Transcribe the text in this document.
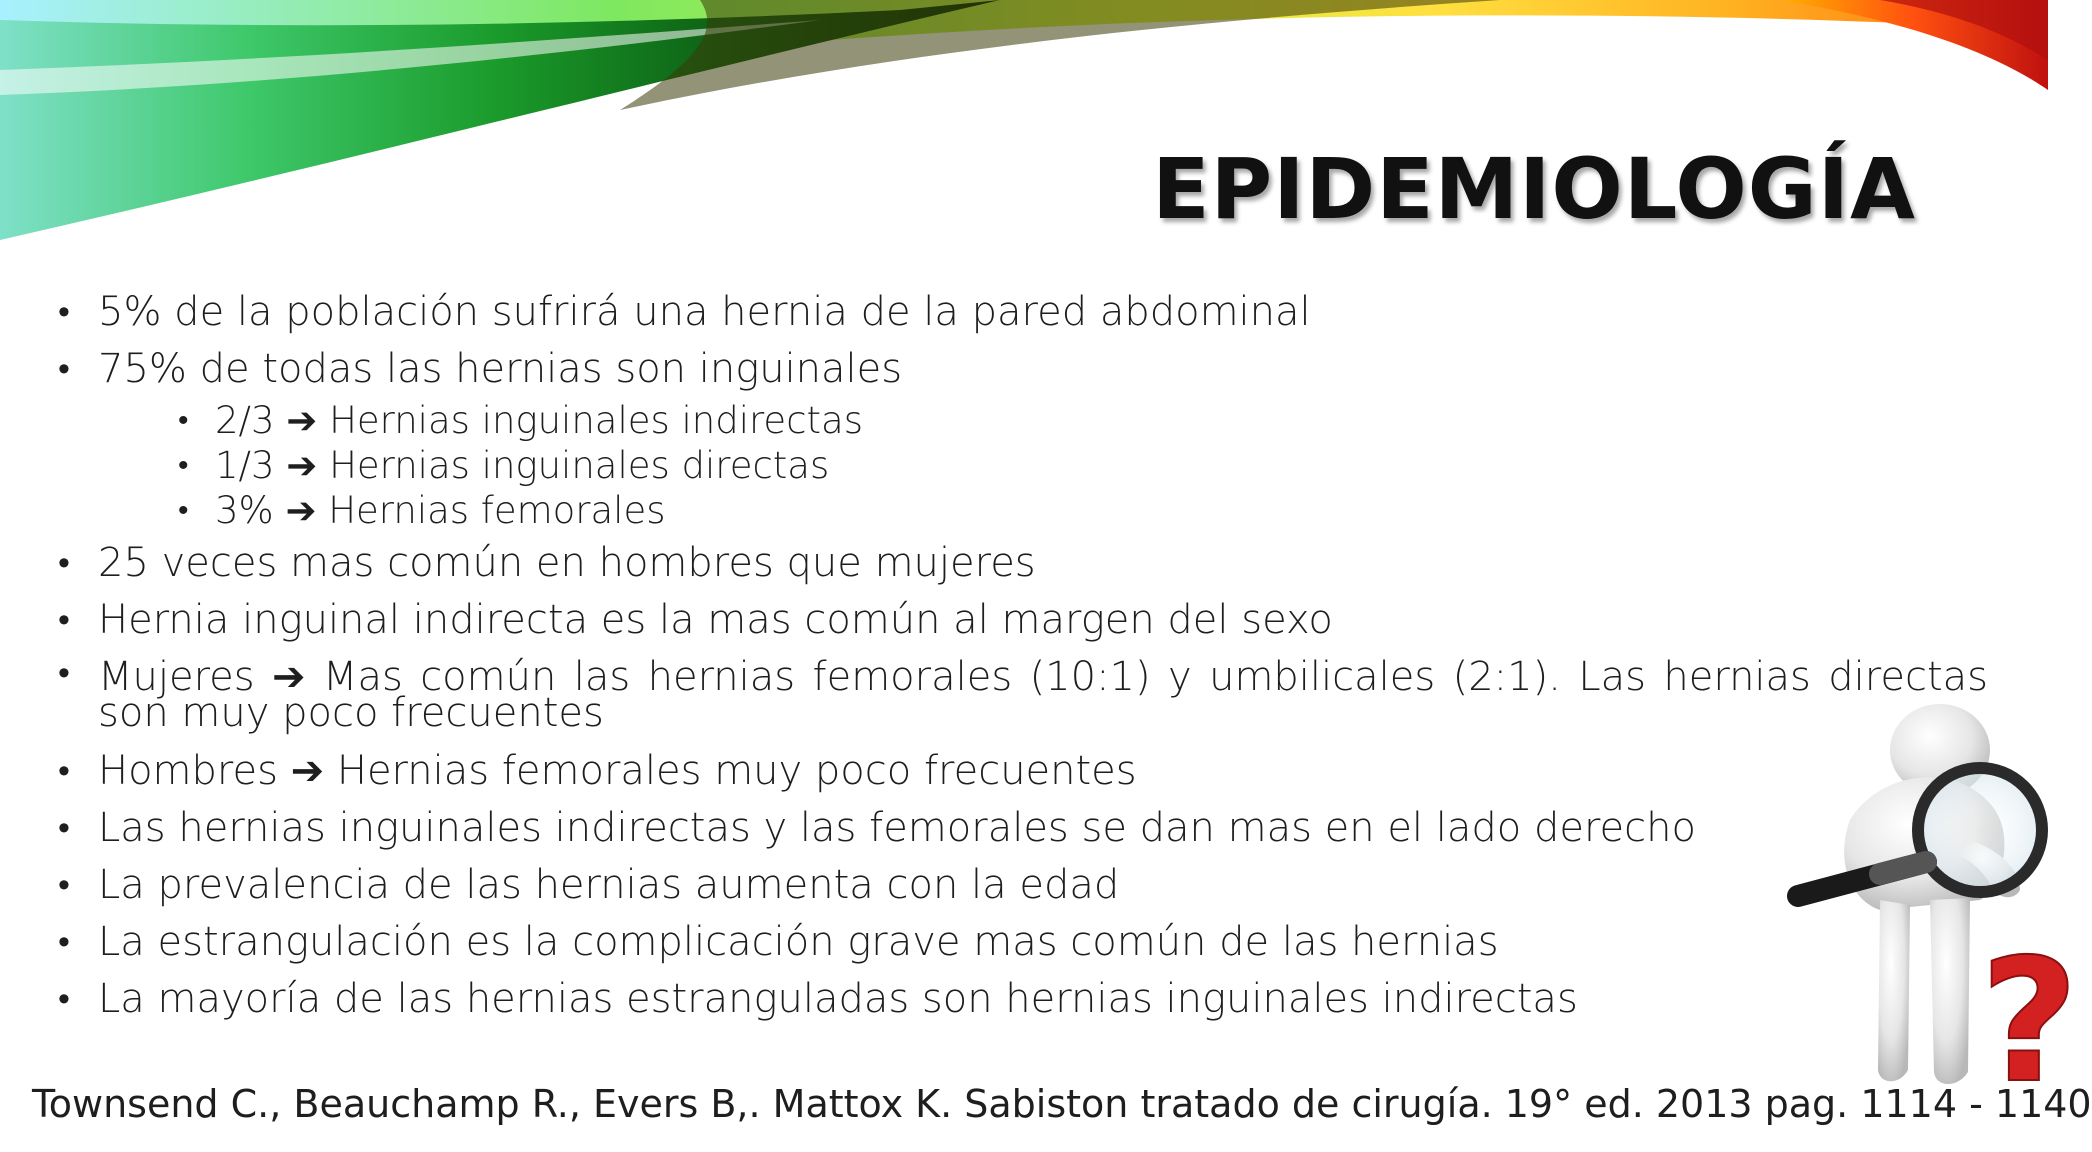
EPIDEMIOLOGÍA
• 5% de la población sufrirá una hernia de la pared abdominal
• 75% de todas las hernias son inguinales
• 2/3 ➔ Hernias inguinales indirectas
• 1/3 ➔ Hernias inguinales directas
• 3% ➔ Hernias femorales
• 25 veces mas común en hombres que mujeres
• Hernia inguinal indirecta es la mas común al margen del sexo
• Mujeres ➔ Mas común las hernias femorales (10:1) y umbilicales (2:1). Las hernias directas son muy poco frecuentes
• Hombres ➔ Hernias femorales muy poco frecuentes
• Las hernias inguinales indirectas y las femorales se dan mas en el lado derecho
• La prevalencia de las hernias aumenta con la edad
• La estrangulación es la complicación grave mas común de las hernias
• La mayoría de las hernias estranguladas son hernias inguinales indirectas	?

Townsend C., Beauchamp R., Evers B,. Mattox K. Sabiston tratado de cirugía. 19° ed. 2013 pag. 1114 - 1140
